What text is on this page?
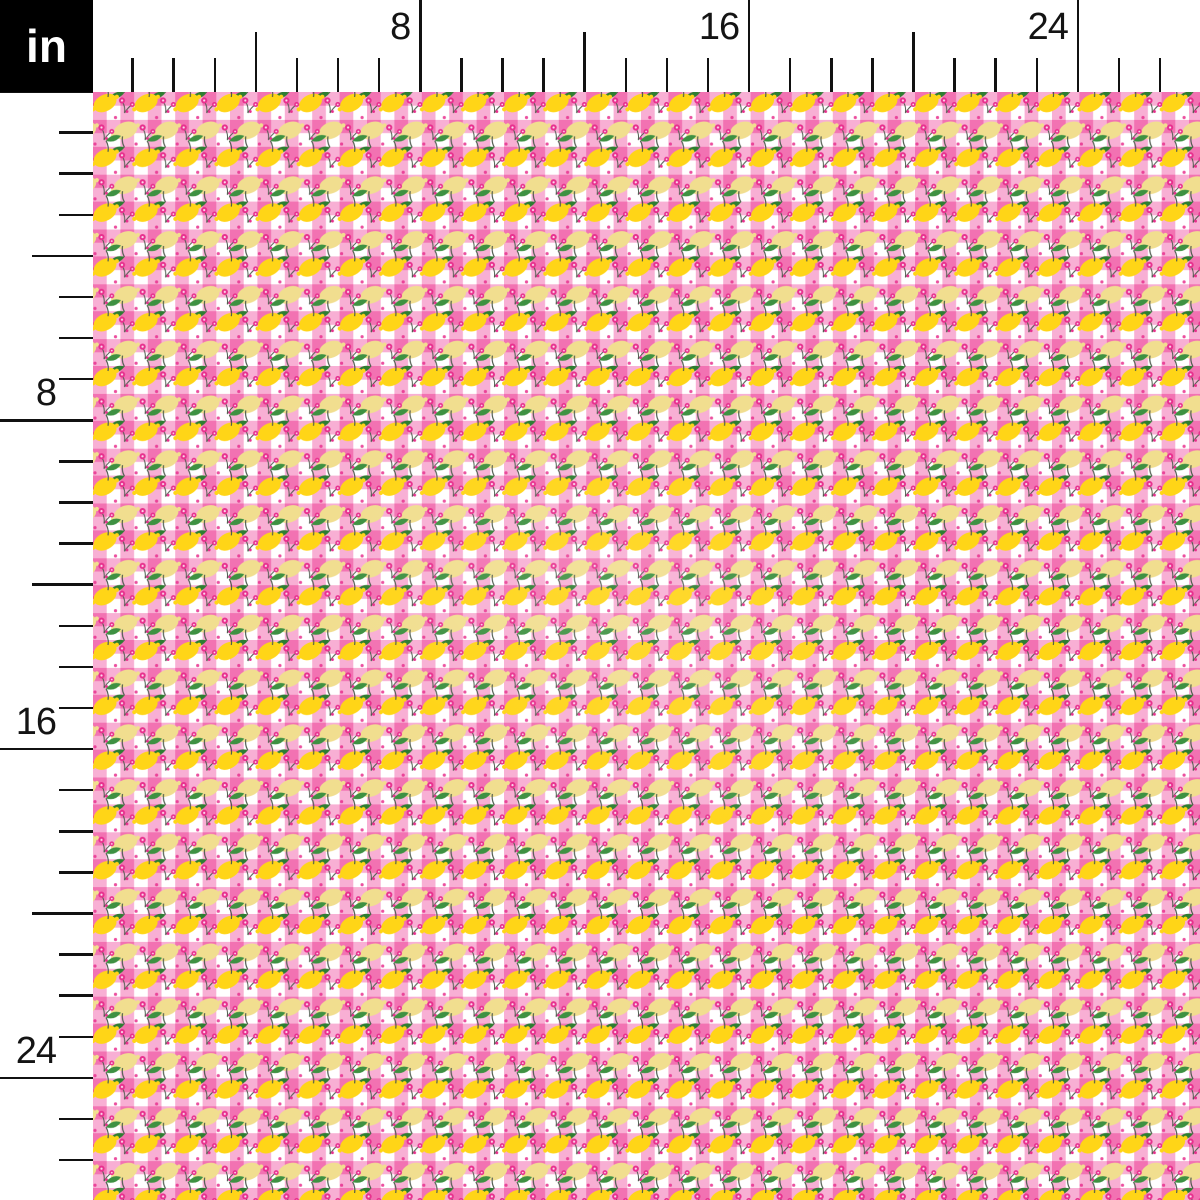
8	16	24
8
16
24
in
